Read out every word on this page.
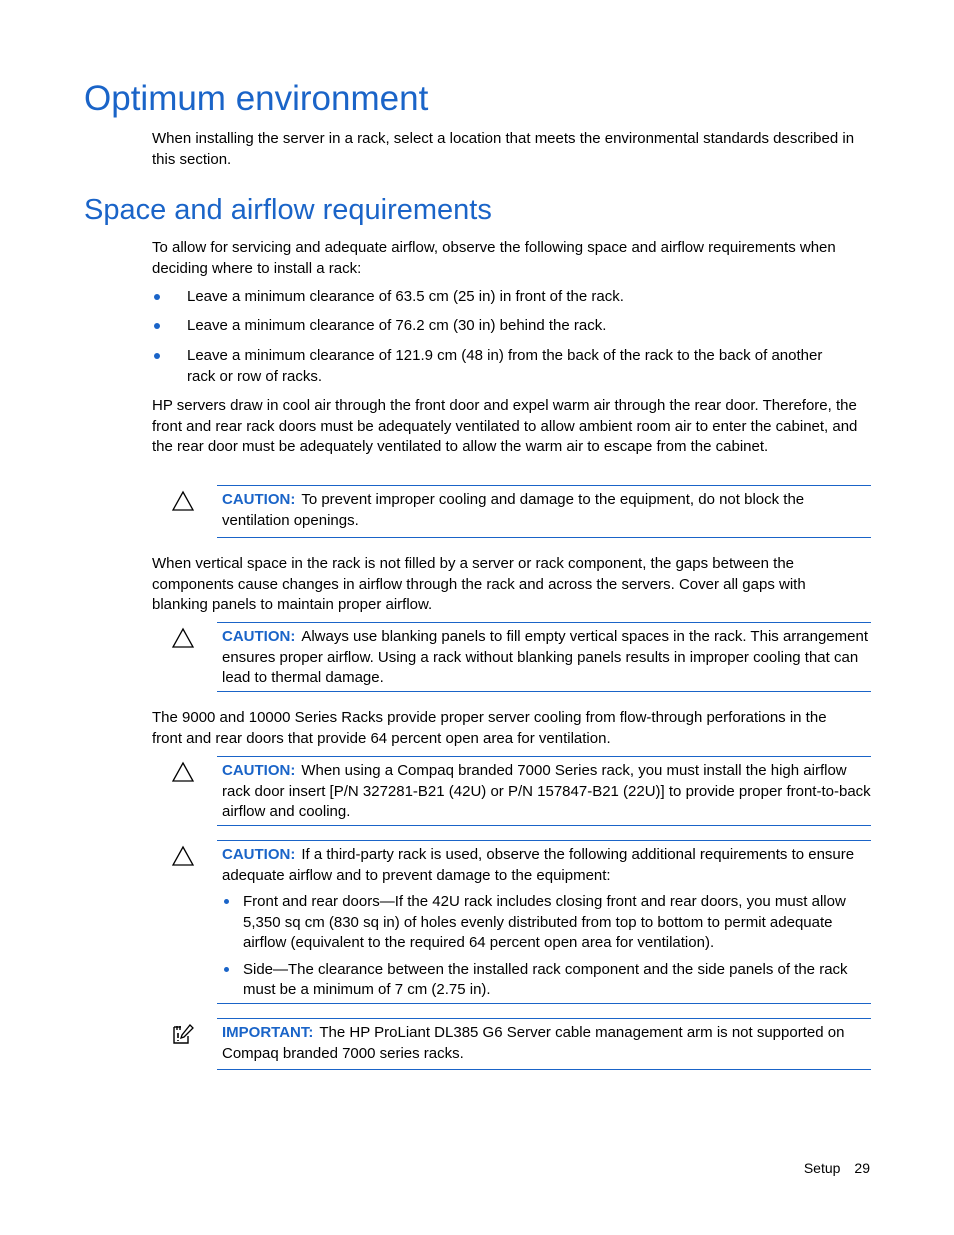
Optimum environment

When installing the server in a rack, select a location that meets the environmental standards described in this section.

Space and airflow requirements

To allow for servicing and adequate airflow, observe the following space and airflow requirements when deciding where to install a rack:

Leave a minimum clearance of 63.5 cm (25 in) in front of the rack.
Leave a minimum clearance of 76.2 cm (30 in) behind the rack.
Leave a minimum clearance of 121.9 cm (48 in) from the back of the rack to the back of another rack or row of racks.

HP servers draw in cool air through the front door and expel warm air through the rear door. Therefore, the front and rear rack doors must be adequately ventilated to allow ambient room air to enter the cabinet, and the rear door must be adequately ventilated to allow the warm air to escape from the cabinet.

CAUTION: To prevent improper cooling and damage to the equipment, do not block the ventilation openings.

When vertical space in the rack is not filled by a server or rack component, the gaps between the components cause changes in airflow through the rack and across the servers. Cover all gaps with blanking panels to maintain proper airflow.

CAUTION: Always use blanking panels to fill empty vertical spaces in the rack. This arrangement ensures proper airflow. Using a rack without blanking panels results in improper cooling that can lead to thermal damage.

The 9000 and 10000 Series Racks provide proper server cooling from flow-through perforations in the front and rear doors that provide 64 percent open area for ventilation.

CAUTION: When using a Compaq branded 7000 Series rack, you must install the high airflow rack door insert [P/N 327281-B21 (42U) or P/N 157847-B21 (22U)] to provide proper front-to-back airflow and cooling.

CAUTION: If a third-party rack is used, observe the following additional requirements to ensure adequate airflow and to prevent damage to the equipment:

Front and rear doors—If the 42U rack includes closing front and rear doors, you must allow 5,350 sq cm (830 sq in) of holes evenly distributed from top to bottom to permit adequate airflow (equivalent to the required 64 percent open area for ventilation).
Side—The clearance between the installed rack component and the side panels of the rack must be a minimum of 7 cm (2.75 in).

IMPORTANT: The HP ProLiant DL385 G6 Server cable management arm is not supported on Compaq branded 7000 series racks.

Setup 29
